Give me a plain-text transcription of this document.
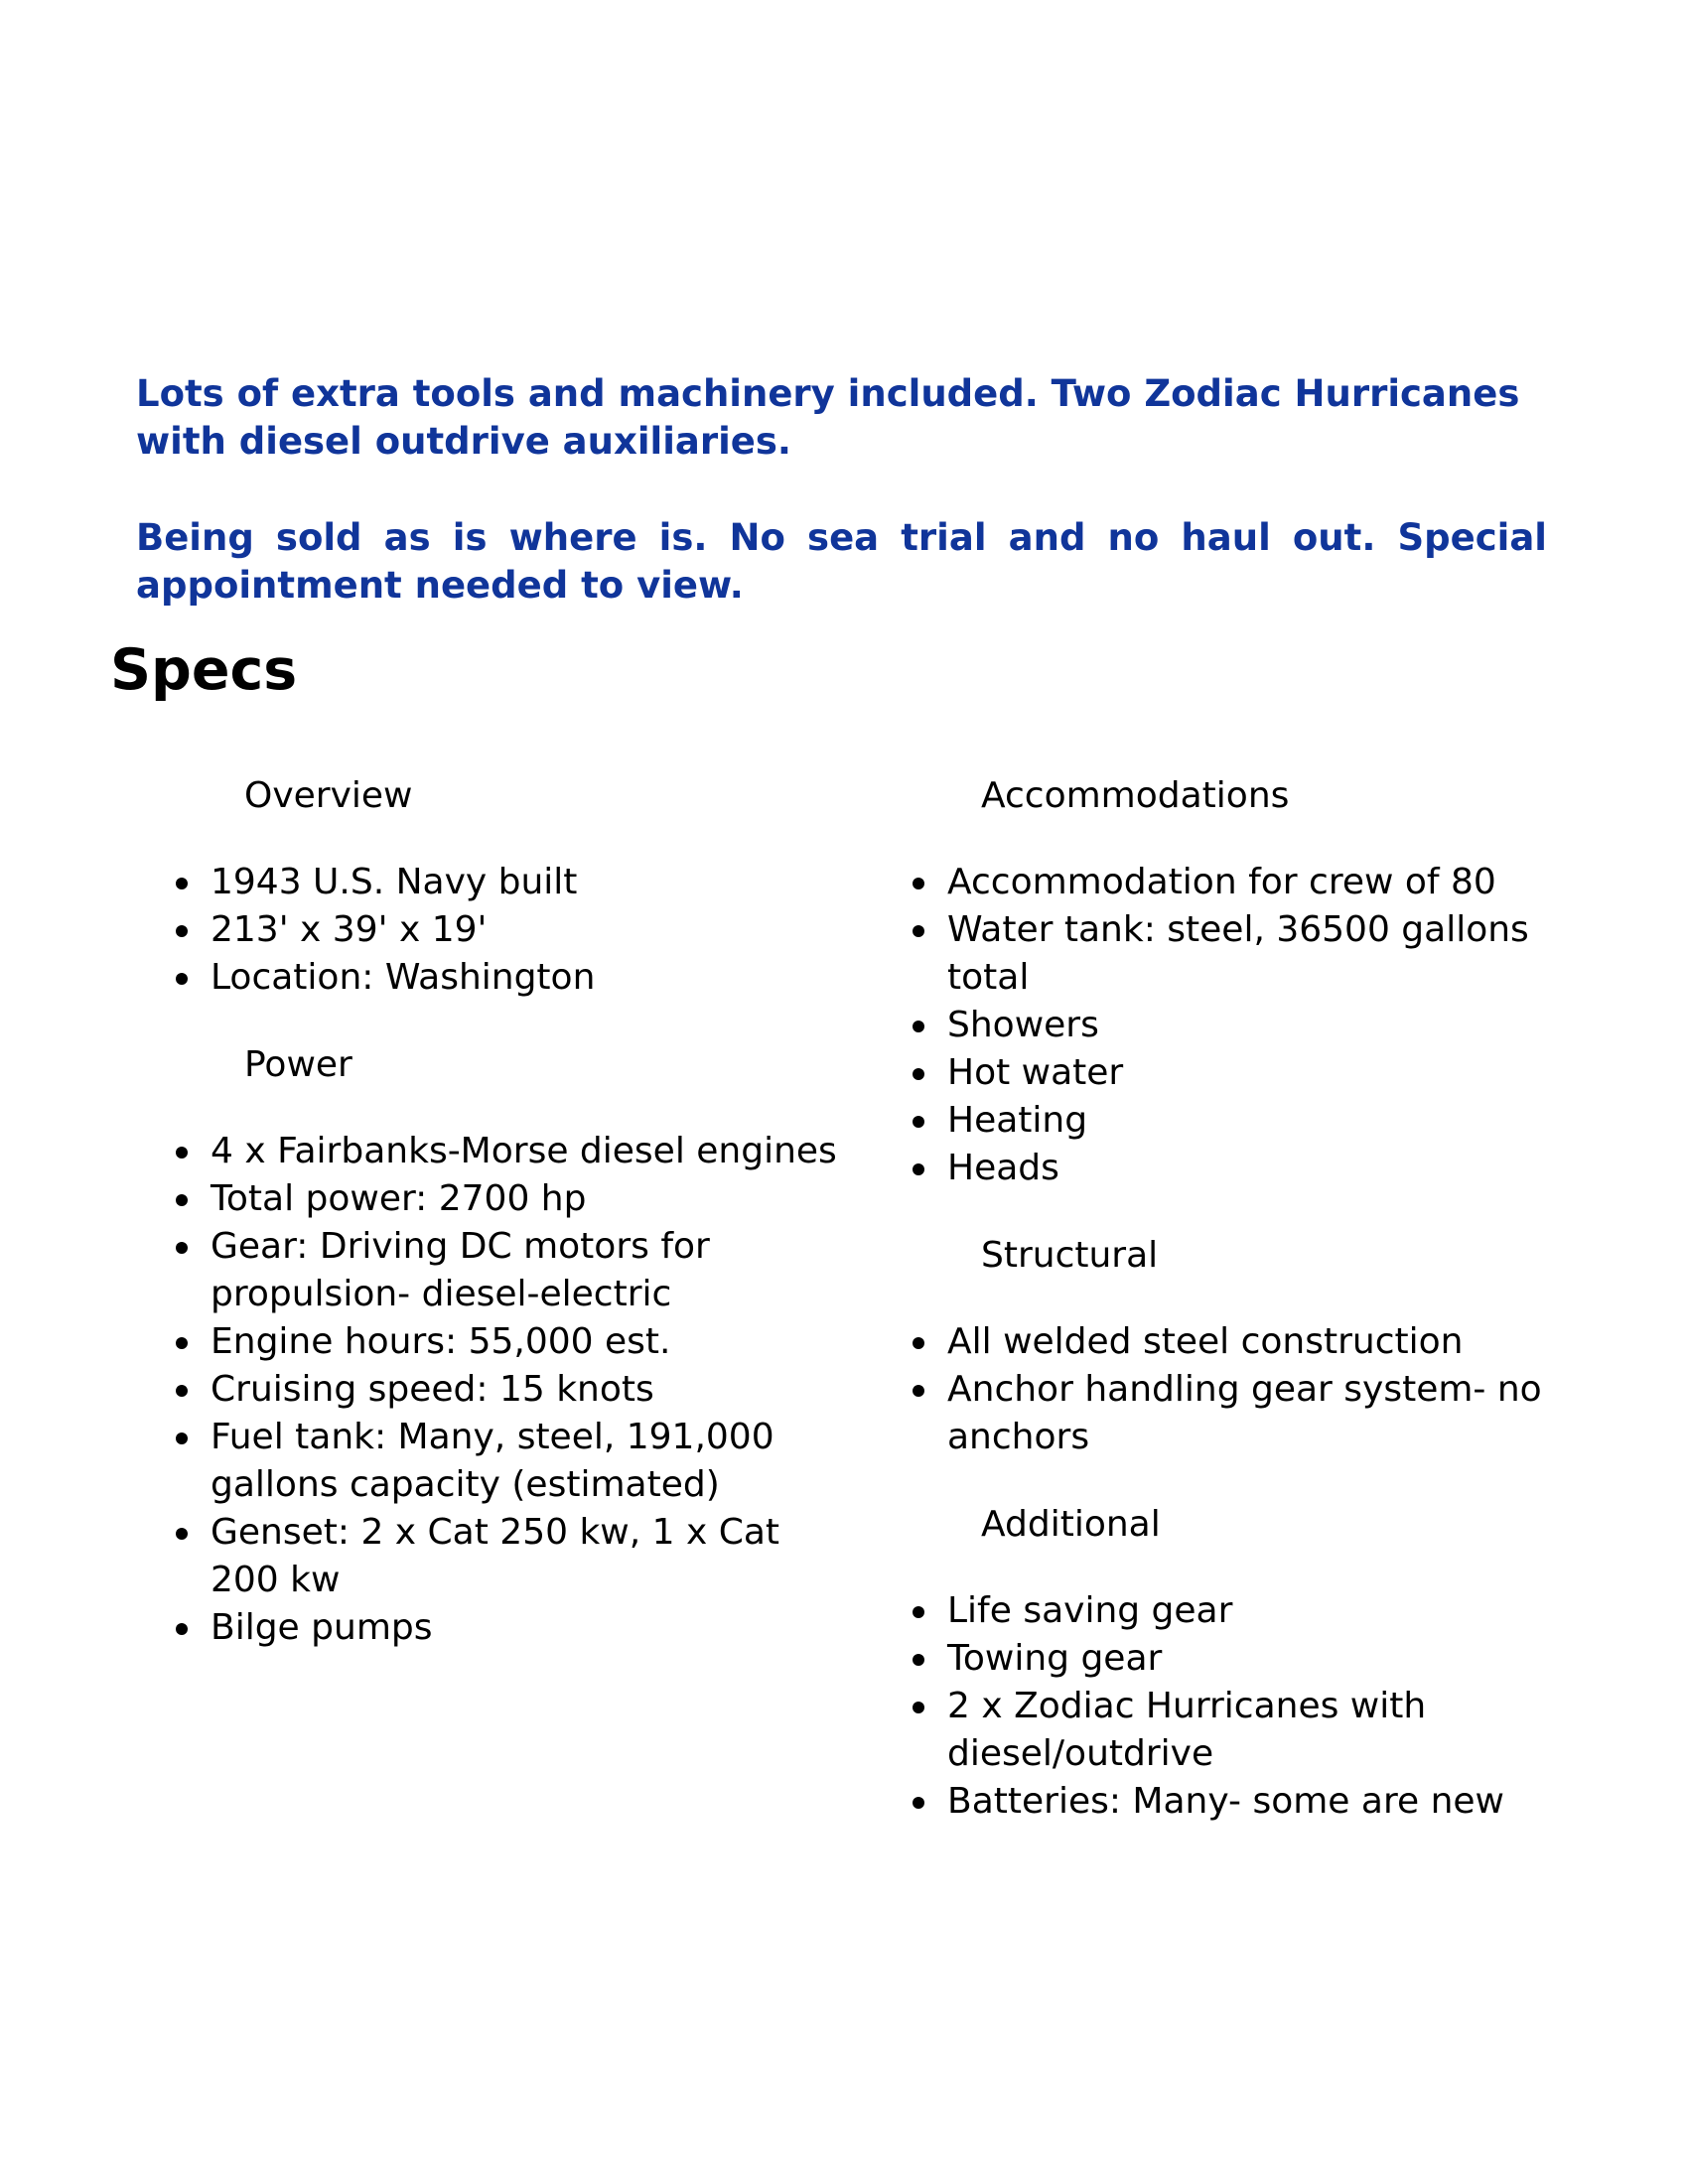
Lots of extra tools and machinery included. Two Zodiac Hurricanes with diesel outdrive auxiliaries.

Being sold as is where is. No sea trial and no haul out. Special appointment needed to view.

Specs
Overview
1943 U.S. Navy built
213' x 39' x 19'
Location: Washington
Power
4 x Fairbanks-Morse diesel engines
Total power: 2700 hp
Gear: Driving DC motors for propulsion- diesel-electric
Engine hours: 55,000 est.
Cruising speed: 15 knots
Fuel tank: Many, steel, 191,000 gallons capacity (estimated)
Genset: 2 x Cat 250 kw, 1 x Cat 200 kw
Bilge pumps
Accommodations
Accommodation for crew of 80
Water tank: steel, 36500 gallons total
Showers
Hot water
Heating
Heads
Structural
All welded steel construction
Anchor handling gear system- no anchors
Additional
Life saving gear
Towing gear
2 x Zodiac Hurricanes with diesel/outdrive
Batteries: Many- some are new
